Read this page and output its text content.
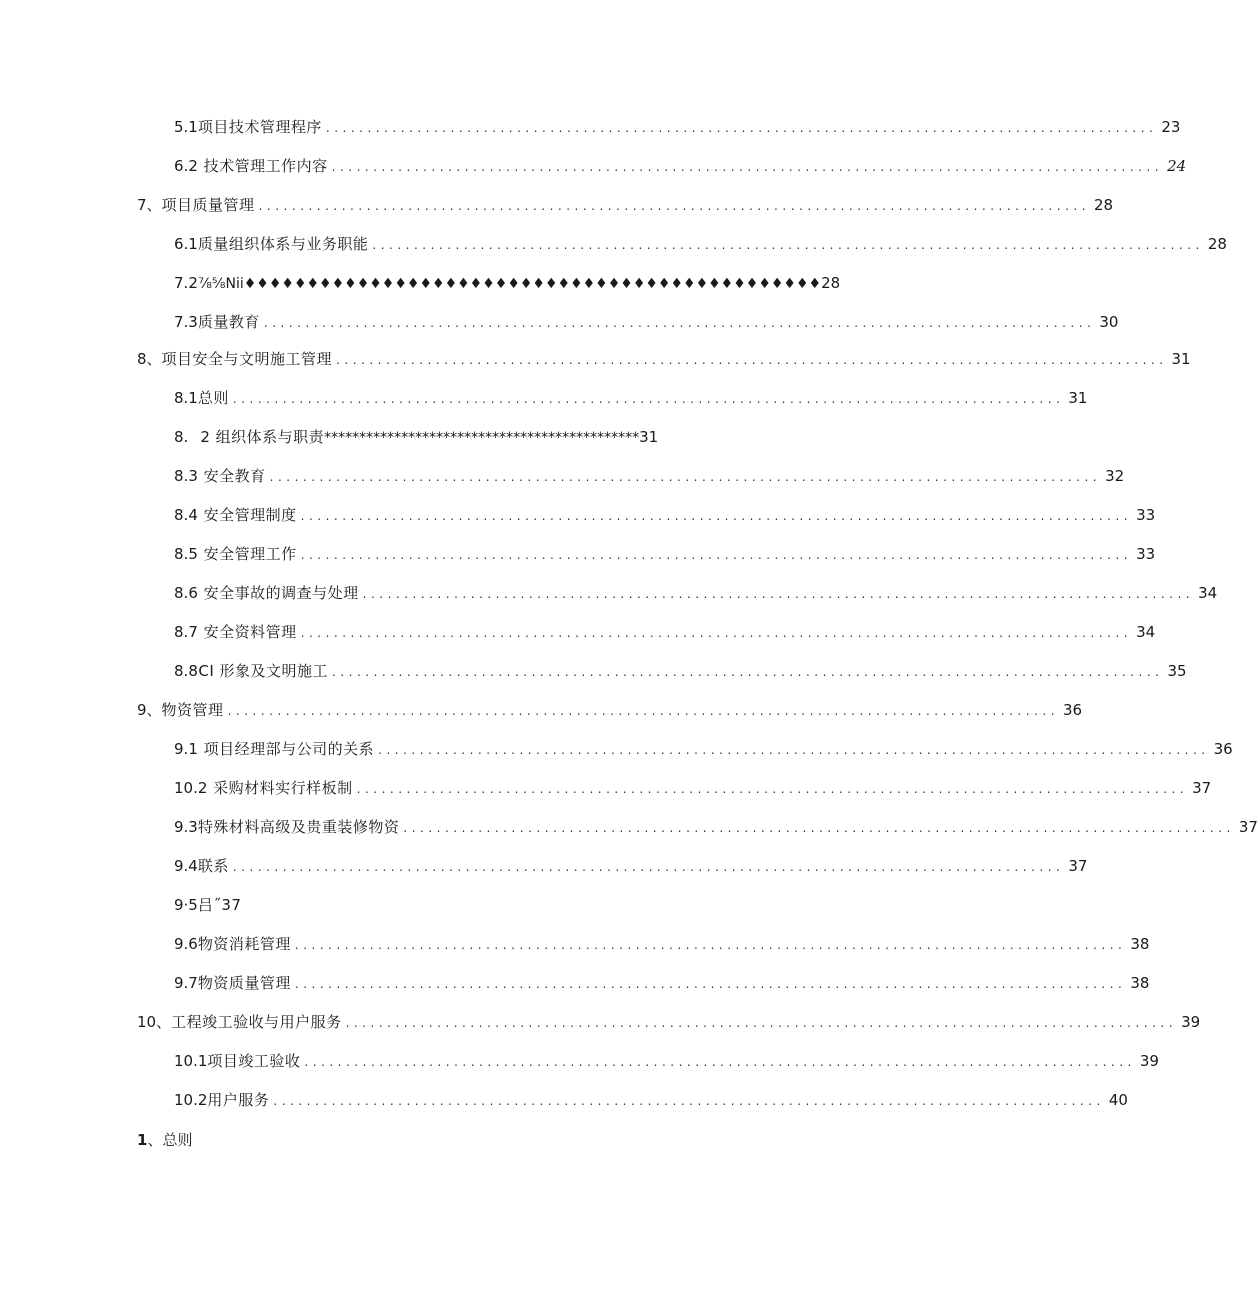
5.1 项目技术管理程序 .................................................................................................... 23
6. 2 技术管理工作内容 .................................................................................................... 24
7、 项目质量管理 .................................................................................................... 28
6.1 质量组织体系与业务职能 .................................................................................................... 28
7. 2 ⅞⅝Nii♦♦♦♦♦♦♦♦♦♦♦♦♦♦♦♦♦♦♦♦♦♦♦♦♦♦♦♦♦♦♦♦♦♦♦♦♦♦♦♦♦♦♦♦♦♦ 28
7.3 质量教育 .................................................................................................... 30
8、 项目安全与文明施工管理 .................................................................................................... 31
8.1 总则 .................................................................................................... 31
8. 2 组织体系与职责 ********************************************* 31
8. 3 安全教育 .................................................................................................... 32
8. 4 安全管理制度 .................................................................................................... 33
8. 5 安全管理工作 .................................................................................................... 33
8. 6 安全事故的调查与处理 .................................................................................................... 34
8. 7 安全资料管理 .................................................................................................... 34
8. 8CI 形象及文明施工 .................................................................................................... 35
9、 物资管理 .................................................................................................... 36
9. 1 项目经理部与公司的关系 .................................................................................................... 36
10. 2 采购材料实行样板制 .................................................................................................... 37
9.3 特殊材料高级及贵重装修物资 .................................................................................................... 37
9.4 联系 .................................................................................................... 37
9·5 吕˝37
9.6 物资消耗管理 .................................................................................................... 38
9.7 物资质量管理 .................................................................................................... 38
10、 工程竣工验收与用户服务 .................................................................................................... 39
10.1 项目竣工验收 .................................................................................................... 39
10.2 用户服务 .................................................................................................... 40
1、总则
